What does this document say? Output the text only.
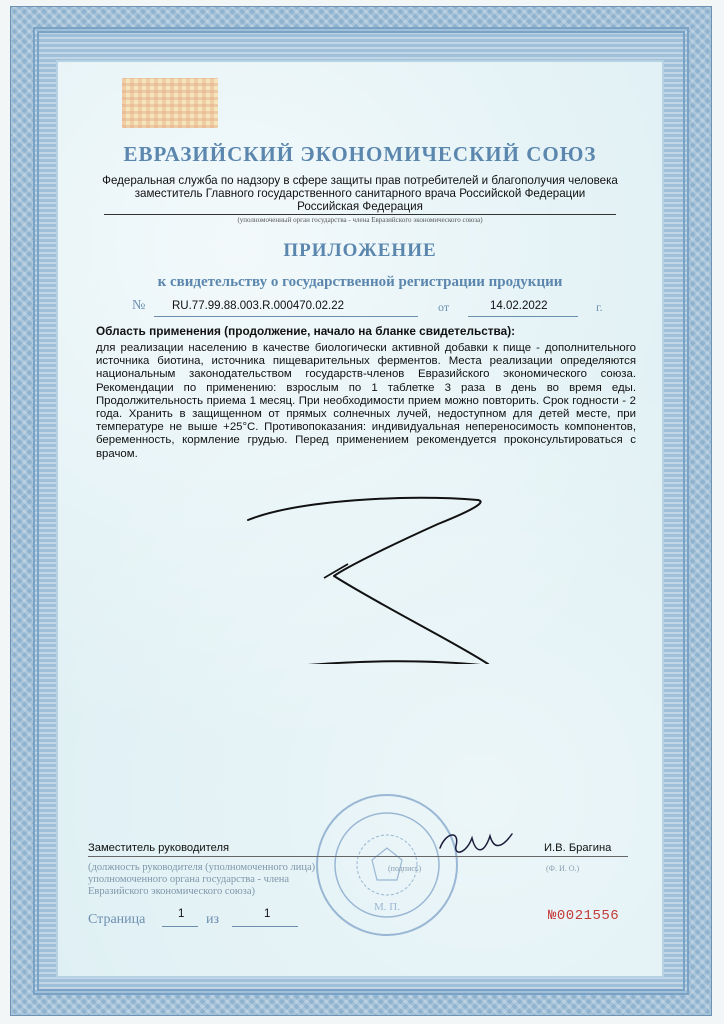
ЕВРАЗИЙСКИЙ ЭКОНОМИЧЕСКИЙ СОЮЗ
Федеральная служба по надзору в сфере защиты прав потребителей и благополучия человека
заместитель Главного государственного санитарного врача Российской Федерации
Российская Федерация
(уполномоченный орган государства - члена Евразийского экономического союза)
ПРИЛОЖЕНИЕ
к свидетельству о государственной регистрации продукции
№ RU.77.99.88.003.R.000470.02.22	от	14.02.2022	г.
Область применения (продолжение, начало на бланке свидетельства):
для реализации населению в качестве биологически активной добавки к пище - дополнительного источника биотина, источника пищеварительных ферментов. Места реализации определяются национальным законодательством государств-членов Евразийского экономического союза. Рекомендации по применению: взрослым по 1 таблетке 3 раза в день во время еды. Продолжительность приема 1 месяц. При необходимости прием можно повторить. Срок годности - 2 года. Хранить в защищенном от прямых солнечных лучей, недоступном для детей месте, при температуре не выше +25°С. Противопоказания: индивидуальная непереносимость компонентов, беременность, кормление грудью. Перед применением рекомендуется проконсультироваться с врачом.
М. П.
Заместитель руководителя	И.В. Брагина
(должность руководителя (уполномоченного лица) уполномоченного органа государства - члена Евразийского экономического союза)
(подпись)	(Ф. И. О.)
Страница	1 из	1	№0021556
